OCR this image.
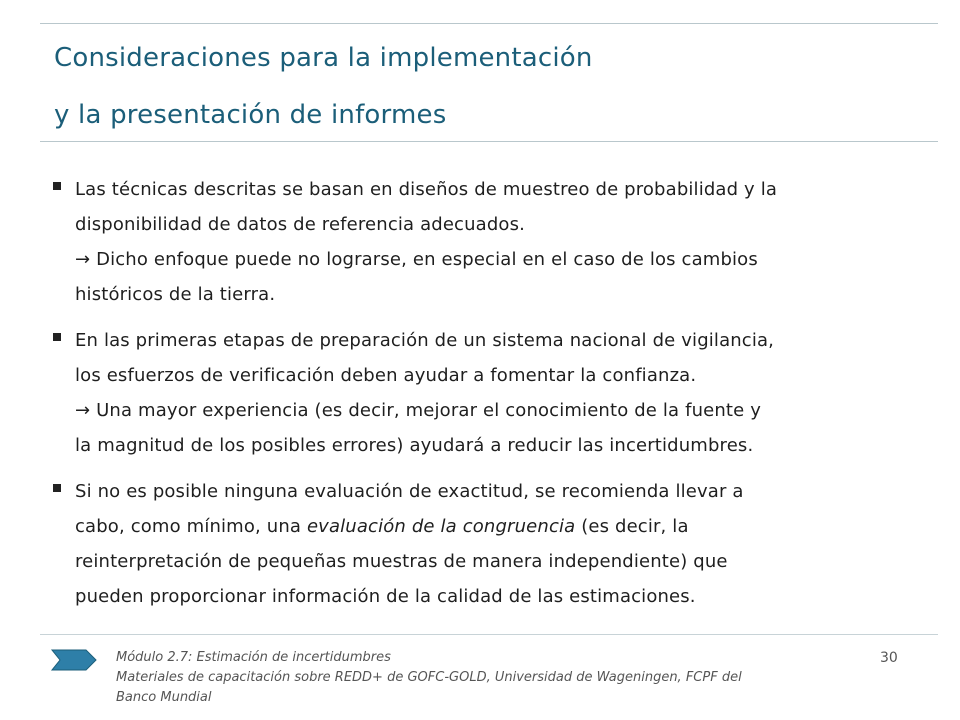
Consideraciones para la implementación
y la presentación de informes

Las técnicas descritas se basan en diseños de muestreo de probabilidad y la
disponibilidad de datos de referencia adecuados.
→ Dicho enfoque puede no lograrse, en especial en el caso de los cambios
históricos de la tierra.

En las primeras etapas de preparación de un sistema nacional de vigilancia,
los esfuerzos de verificación deben ayudar a fomentar la confianza.
→ Una mayor experiencia (es decir, mejorar el conocimiento de la fuente y
la magnitud de los posibles errores) ayudará a reducir las incertidumbres.

Si no es posible ninguna evaluación de exactitud, se recomienda llevar a
cabo, como mínimo, una evaluación de la congruencia (es decir, la
reinterpretación de pequeñas muestras de manera independiente) que
pueden proporcionar información de la calidad de las estimaciones.

Módulo 2.7: Estimación de incertidumbres
Materiales de capacitación sobre REDD+ de GOFC-GOLD, Universidad de Wageningen, FCPF del
Banco Mundial
30
